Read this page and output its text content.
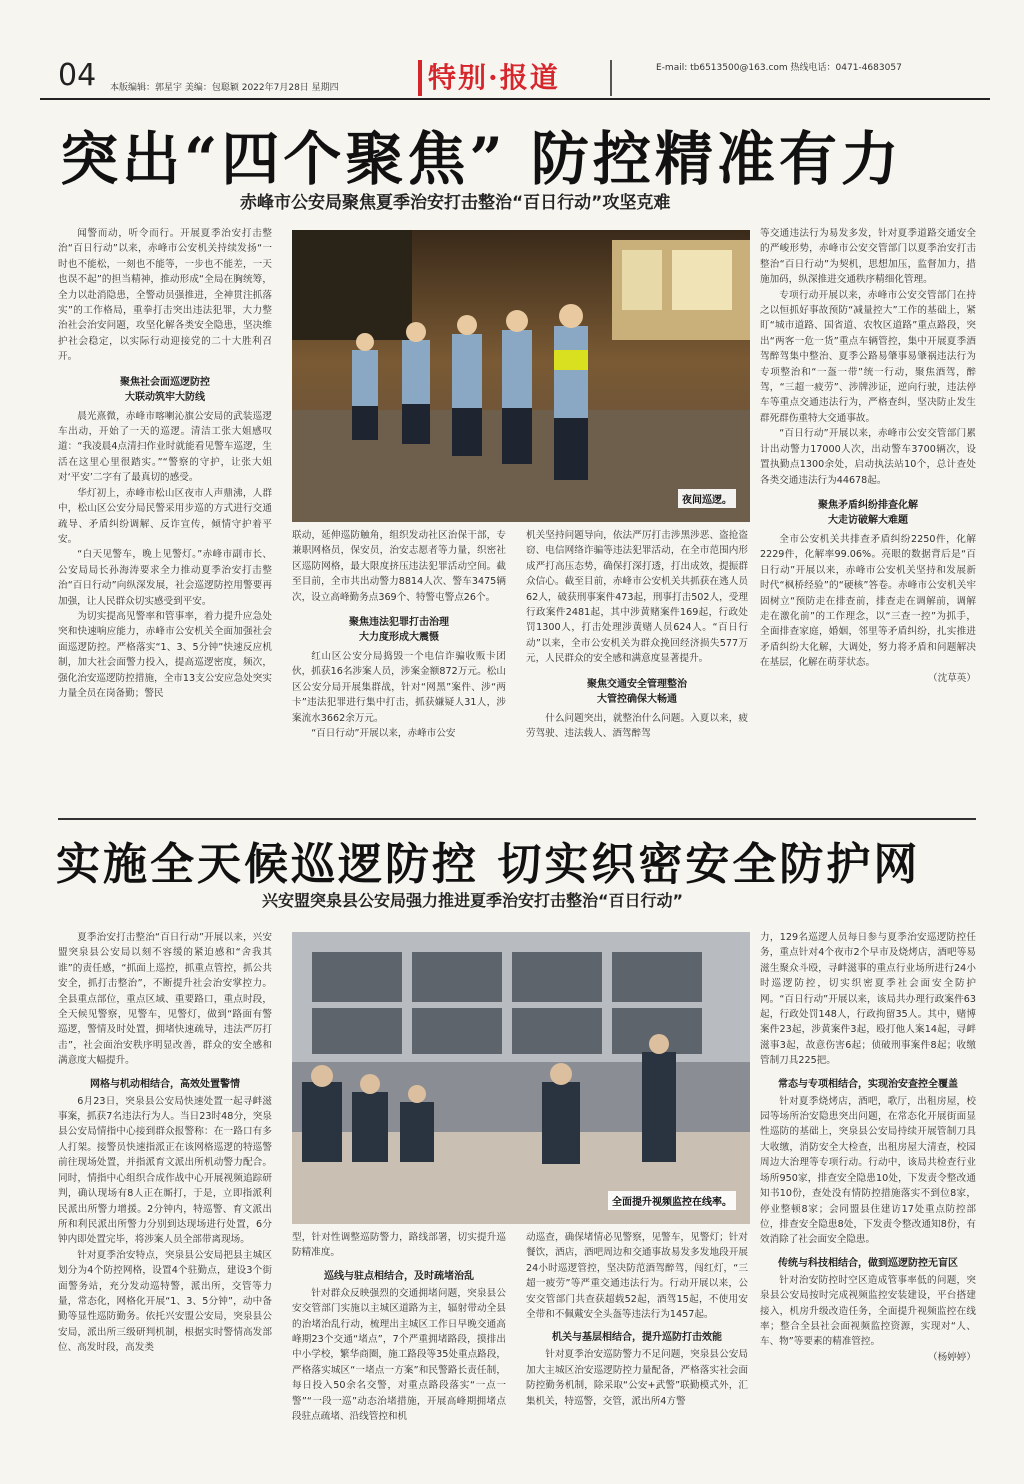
04 本版编辑：郭星宇 美编：包聪颖 2022年7月28日 星期四	特别·报道	E-mail: tb6513500@163.com 热线电话：0471-4683057
突出“四个聚焦” 防控精准有力
赤峰市公安局聚焦夏季治安打击整治“百日行动”攻坚克难
夜间巡逻。

闻警而动，听令而行。开展夏季治安打击整治“百日行动”以来，赤峰市公安机关持续发扬“一时也不能松，一刻也不能等，一步也不能差，一天也误不起”的担当精神，推动形成“全局在胸统筹，全力以赴消隐患，全警动员强推进，全神贯注抓落实”的工作格局，重拳打击突出违法犯罪，大力整治社会治安问题，攻坚化解各类安全隐患，坚决维护社会稳定，以实际行动迎接党的二十大胜利召开。

聚焦社会面巡逻防控
大联动筑牢大防线

晨光熹微，赤峰市喀喇沁旗公安局的武装巡逻车出动，开始了一天的巡逻。清洁工张大姐感叹道：“我凌晨4点清扫作业时就能看见警车巡逻，生活在这里心里很踏实。”“警察的守护，让张大姐对‘平安’二字有了最真切的感受。

华灯初上，赤峰市松山区夜市人声鼎沸，人群中，松山区公安分局民警采用步巡的方式进行交通疏导、矛盾纠纷调解、反诈宣传，倾情守护着平安。

“白天见警车，晚上见警灯。”赤峰市副市长、公安局局长孙海涛要求全力推动夏季治安打击整治“百日行动”向纵深发展，社会巡逻防控用警要再加强，让人民群众切实感受到平安。

为切实提高见警率和管事率，着力提升应急处突和快速响应能力，赤峰市公安机关全面加强社会面巡逻防控。严格落实“1、3、5分钟”快速反应机制，加大社会面警力投入，提高巡逻密度，频次，强化治安巡逻防控措施，全市13支公安应急处突实力量全员在岗备勤；警民

联动，延伸巡防触角，组织发动社区治保干部，专兼职网格员，保安员，治安志愿者等力量，织密社区巡防网格，最大限度挤压违法犯罪活动空间。截至目前，全市共出动警力8814人次、警车3475辆次，设立高峰勤务点369个、特警屯警点26个。

聚焦违法犯罪打击治理
大力度形成大震慑

红山区公安分局捣毁一个电信诈骗收贩卡团伙，抓获16名涉案人员，涉案金额872万元。松山区公安分局开展集群战，针对“网黑”案件、涉“两卡”违法犯罪进行集中打击，抓获嫌疑人31人，涉案流水3662余万元。

“百日行动”开展以来，赤峰市公安

机关坚持问题导向，依法严厉打击涉黑涉恶、盗抢盗窃、电信网络诈骗等违法犯罪活动，在全市范围内形成严打高压态势，确保打深打透，打出成效，提振群众信心。截至目前，赤峰市公安机关共抓获在逃人员62人，破获刑事案件473起，刑事打击502人，受理行政案件2481起，其中涉黄赌案件169起，行政处罚1300人，打击处理涉黄赌人员624人。“百日行动”以来，全市公安机关为群众挽回经济损失577万元，人民群众的安全感和满意度显著提升。

聚焦交通安全管理整治
大管控确保大畅通

什么问题突出，就整治什么问题。入夏以来，疲劳驾驶、违法载人、酒驾醉驾

等交通违法行为易发多发，针对夏季道路交通安全的严峻形势，赤峰市公安交管部门以夏季治安打击整治“百日行动”为契机，思想加压，监督加力，措施加码，纵深推进交通秩序精细化管理。

专项行动开展以来，赤峰市公安交管部门在持之以恒抓好事故预防“减量控大”工作的基础上，紧盯“城市道路、国省道、农牧区道路”重点路段，突出“两客一危一货”重点车辆管控，集中开展夏季酒驾醉驾集中整治、夏季公路易肇事易肇祸违法行为专项整治和“一盔一带”统一行动，聚焦酒驾，醉驾，“三超一疲劳”、涉牌涉证，逆向行驶，违法停车等重点交通违法行为，严格查纠，坚决防止发生群死群伤重特大交通事故。

“百日行动”开展以来，赤峰市公安交管部门累计出动警力17000人次，出动警车3700辆次，设置执勤点1300余处，启动执法站10个，总计查处各类交通违法行为44678起。

聚焦矛盾纠纷排查化解
大走访破解大难题

全市公安机关共排查矛盾纠纷2250件，化解2229件，化解率99.06%。亮眼的数据背后是“百日行动”开展以来，赤峰市公安机关坚持和发展新时代“枫桥经验”的“硬核”答卷。赤峰市公安机关牢固树立“预防走在排查前，排查走在调解前，调解走在激化前”的工作理念，以“三查一控”为抓手，全面排查家庭，婚姻，邻里等矛盾纠纷，扎实推进矛盾纠纷大化解，大调处，努力将矛盾和问题解决在基层，化解在萌芽状态。

（沈草英）
实施全天候巡逻防控 切实织密安全防护网
兴安盟突泉县公安局强力推进夏季治安打击整治“百日行动”
全面提升视频监控在线率。

夏季治安打击整治“百日行动”开展以来，兴安盟突泉县公安局以刻不容缓的紧迫感和“舍我其谁”的责任感，“抓面上巡控，抓重点管控，抓公共安全，抓打击整治”，不断提升社会治安掌控力。全县重点部位，重点区域、重要路口，重点时段，全天候见警察，见警车，见警灯，做到“路面有警巡逻，警情及时处置，拥堵快速疏导，违法严厉打击”，社会面治安秩序明显改善，群众的安全感和满意度大幅提升。

网格与机动相结合，高效处置警情

6月23日，突泉县公安局快速处置一起寻衅滋事案，抓获7名违法行为人。当日23时48分，突泉县公安局情指中心接到群众报警称：在一路口有多人打架。接警员快速指派正在该网格巡逻的特巡警前往现场处置，并指派育文派出所机动警力配合。同时，情指中心组织合成作战中心开展视频追踪研判，确认现场有8人正在厮打，于是，立即指派利民派出所警力增援。2分钟内，特巡警、育文派出所和利民派出所警力分别到达现场进行处置，6分钟内即处置完毕，将涉案人员全部带离现场。

针对夏季治安特点，突泉县公安局把县主城区划分为4个防控网格，设置4个驻勤点，建设3个街面警务站，充分发动巡特警，派出所，交管等力量，常态化，网格化开展“1、3、5分钟”，动中备勤等显性巡防勤务。依托兴安盟公安局，突泉县公安局，派出所三级研判机制，根据实时警情高发部位、高发时段，高发类

型，针对性调整巡防警力，路线部署，切实提升巡防精准度。

巡线与驻点相结合，及时疏堵治乱

针对群众反映强烈的交通拥堵问题，突泉县公安交管部门实施以主城区道路为主，辐射带动全县的治堵治乱行动，梳理出主城区工作日早晚交通高峰期23个交通“堵点”，7个严重拥堵路段，摸排出中小学校，繁华商圈，施工路段等35处重点路段，严格落实城区“一堵点一方案”和民警路长责任制，每日投入50余名交警，对重点路段落实“一点一警”“一段一巡”动态治堵措施，开展高峰期拥堵点段驻点疏堵、沿线管控和机

动巡查，确保堵情必见警察，见警车，见警灯；针对餐饮，酒店，酒吧周边和交通事故易发多发地段开展24小时巡逻管控，坚决防范酒驾醉驾，闯红灯，“三超一疲劳”等严重交通违法行为。行动开展以来，公安交管部门共查获超载52起，酒驾15起，不使用安全带和不佩戴安全头盔等违法行为1457起。

机关与基层相结合，提升巡防打击效能

针对夏季治安巡防警力不足问题，突泉县公安局加大主城区治安巡逻防控力量配备，严格落实社会面防控勤务机制，除采取“公安+武警”联勤模式外，汇集机关，特巡警，交管，派出所4方警

力，129名巡逻人员每日参与夏季治安巡逻防控任务，重点针对4个夜市2个早市及烧烤店，酒吧等易滋生聚众斗殴，寻衅滋事的重点行业场所进行24小时巡逻防控，切实织密夏季社会面安全防护网。“百日行动”开展以来，该局共办理行政案件63起，行政处罚148人，行政拘留35人。其中，赌博案件23起，涉黄案件3起，殴打他人案14起，寻衅滋事3起，故意伤害6起；侦破刑事案件8起；收缴管制刀具225把。

常态与专项相结合，实现治安查控全覆盖

针对夏季烧烤店，酒吧，歌厅，出租房屋，校园等场所治安隐患突出问题，在常态化开展街面显性巡防的基础上，突泉县公安局持续开展管制刀具大收缴，消防安全大检查，出租房屋大清查，校园周边大治理等专项行动。行动中，该局共检查行业场所950家，排查安全隐患10处，下发责令整改通知书10份，查处没有情防控措施落实不到位8家，停业整顿8家；会同盟县住建访17处重点防控部位，排查安全隐患8处，下发责令整改通知8份，有效消除了社会面安全隐患。

传统与科技相结合，做到巡逻防控无盲区

针对治安防控时空区造成管事率低的问题，突泉县公安局按时完成视频监控安装建设，平台搭建接入，机房升级改造任务，全面提升视频监控在线率；整合全县社会面视频监控资源，实现对“人、车、物”等要素的精准管控。

（杨婷婷）
